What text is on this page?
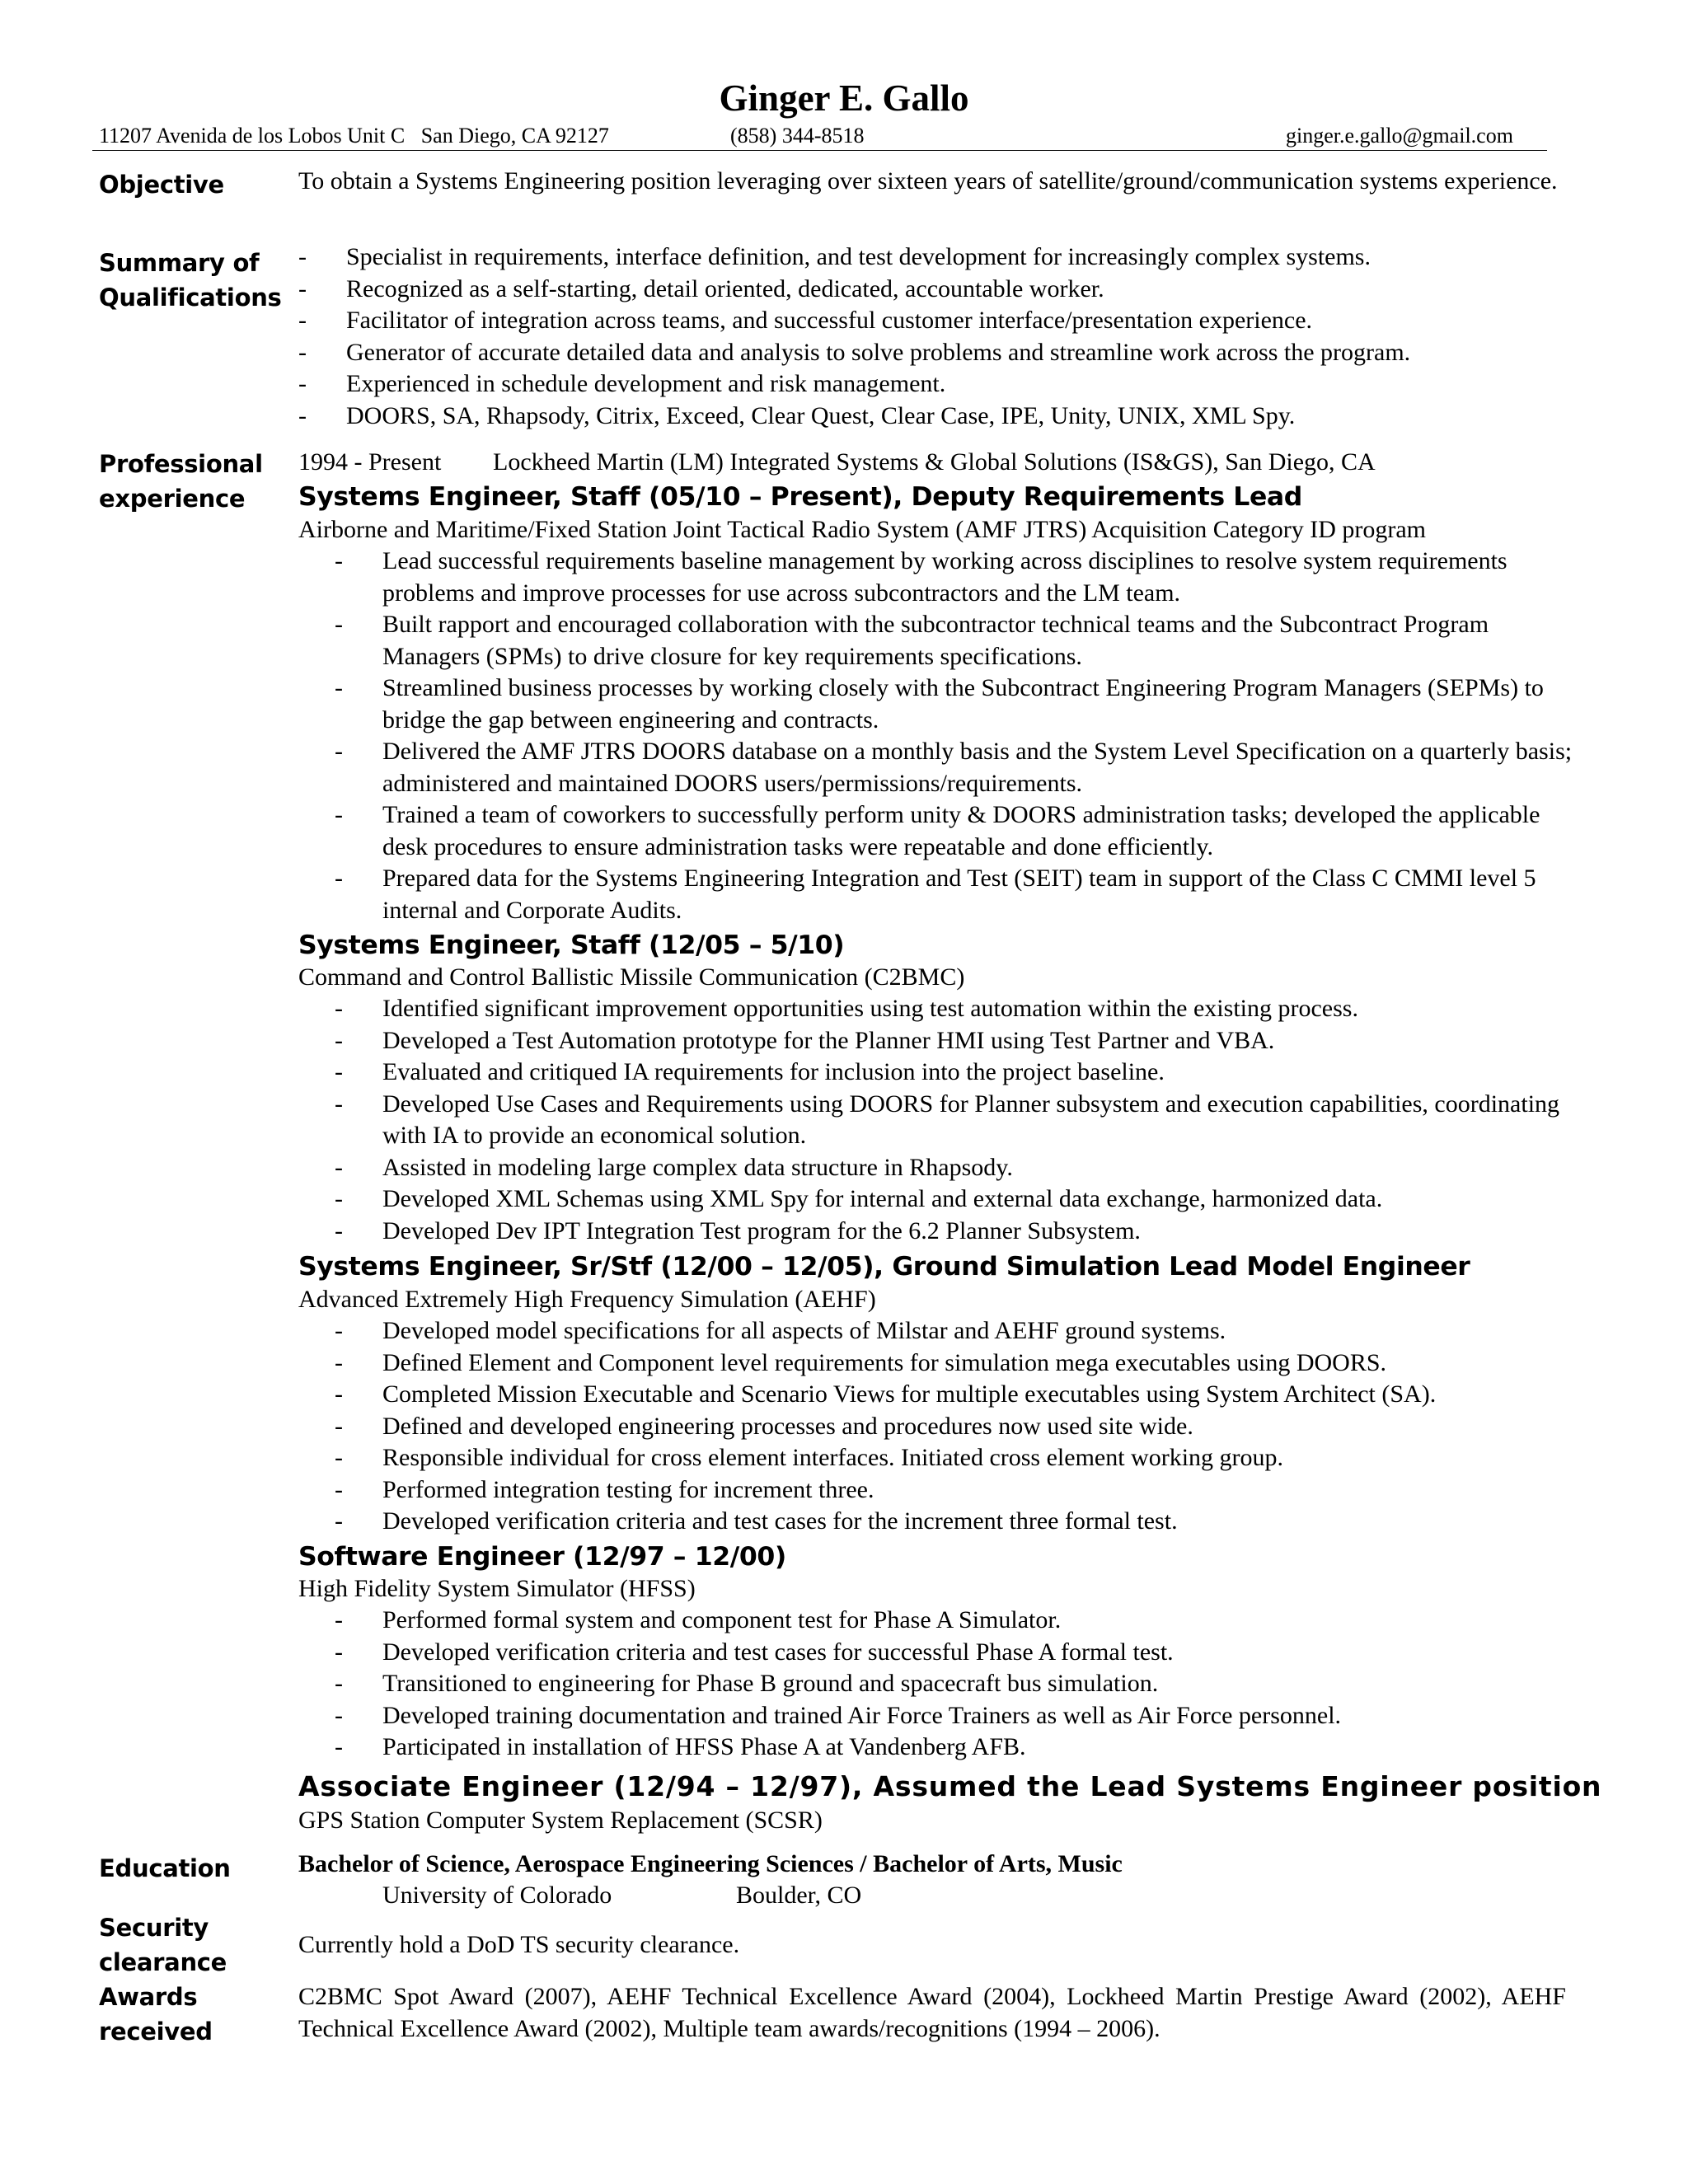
Ginger E. Gallo
11207 Avenida de los Lobos Unit C   San Diego, CA 92127	(858) 344-8518	ginger.e.gallo@gmail.com
Objective	To obtain a Systems Engineering position leveraging over sixteen years of satellite/ground/communication systems experience.
Summary of
Qualifications
- Specialist in requirements, interface definition, and test development for increasingly complex systems.
- Recognized as a self-starting, detail oriented, dedicated, accountable worker.
- Facilitator of integration across teams, and successful customer interface/presentation experience.
- Generator of accurate detailed data and analysis to solve problems and streamline work across the program.
- Experienced in schedule development and risk management.
- DOORS, SA, Rhapsody, Citrix, Exceed, Clear Quest, Clear Case, IPE, Unity, UNIX, XML Spy.
Professional
experience
1994 - Present Lockheed Martin (LM) Integrated Systems & Global Solutions (IS&GS), San Diego, CA
Systems Engineer, Staff (05/10 – Present), Deputy Requirements Lead
Airborne and Maritime/Fixed Station Joint Tactical Radio System (AMF JTRS) Acquisition Category ID program
- Lead successful requirements baseline management by working across disciplines to resolve system requirements problems and improve processes for use across subcontractors and the LM team.
- Built rapport and encouraged collaboration with the subcontractor technical teams and the Subcontract Program Managers (SPMs) to drive closure for key requirements specifications.
- Streamlined business processes by working closely with the Subcontract Engineering Program Managers (SEPMs) to bridge the gap between engineering and contracts.
- Delivered the AMF JTRS DOORS database on a monthly basis and the System Level Specification on a quarterly basis; administered and maintained DOORS users/permissions/requirements.
- Trained a team of coworkers to successfully perform unity & DOORS administration tasks; developed the applicable desk procedures to ensure administration tasks were repeatable and done efficiently.
- Prepared data for the Systems Engineering Integration and Test (SEIT) team in support of the Class C CMMI level 5 internal and Corporate Audits.
Systems Engineer, Staff (12/05 – 5/10)
Command and Control Ballistic Missile Communication (C2BMC)
- Identified significant improvement opportunities using test automation within the existing process.
- Developed a Test Automation prototype for the Planner HMI using Test Partner and VBA.
- Evaluated and critiqued IA requirements for inclusion into the project baseline.
- Developed Use Cases and Requirements using DOORS for Planner subsystem and execution capabilities, coordinating with IA to provide an economical solution.
- Assisted in modeling large complex data structure in Rhapsody.
- Developed XML Schemas using XML Spy for internal and external data exchange, harmonized data.
- Developed Dev IPT Integration Test program for the 6.2 Planner Subsystem.
Systems Engineer, Sr/Stf (12/00 – 12/05), Ground Simulation Lead Model Engineer
Advanced Extremely High Frequency Simulation (AEHF)
- Developed model specifications for all aspects of Milstar and AEHF ground systems.
- Defined Element and Component level requirements for simulation mega executables using DOORS.
- Completed Mission Executable and Scenario Views for multiple executables using System Architect (SA).
- Defined and developed engineering processes and procedures now used site wide.
- Responsible individual for cross element interfaces. Initiated cross element working group.
- Performed integration testing for increment three.
- Developed verification criteria and test cases for the increment three formal test.
Software Engineer (12/97 – 12/00)
High Fidelity System Simulator (HFSS)
- Performed formal system and component test for Phase A Simulator.
- Developed verification criteria and test cases for successful Phase A formal test.
- Transitioned to engineering for Phase B ground and spacecraft bus simulation.
- Developed training documentation and trained Air Force Trainers as well as Air Force personnel.
- Participated in installation of HFSS Phase A at Vandenberg AFB.
Associate Engineer (12/94 – 12/97), Assumed the Lead Systems Engineer position
GPS Station Computer System Replacement (SCSR)
Education	Bachelor of Science, Aerospace Engineering Sciences / Bachelor of Arts, Music
University of Colorado	Boulder, CO
Security
clearance
Currently hold a DoD TS security clearance.
Awards
received
C2BMC Spot Award (2007), AEHF Technical Excellence Award (2004), Lockheed Martin Prestige Award (2002), AEHF Technical Excellence Award (2002), Multiple team awards/recognitions (1994 – 2006).
